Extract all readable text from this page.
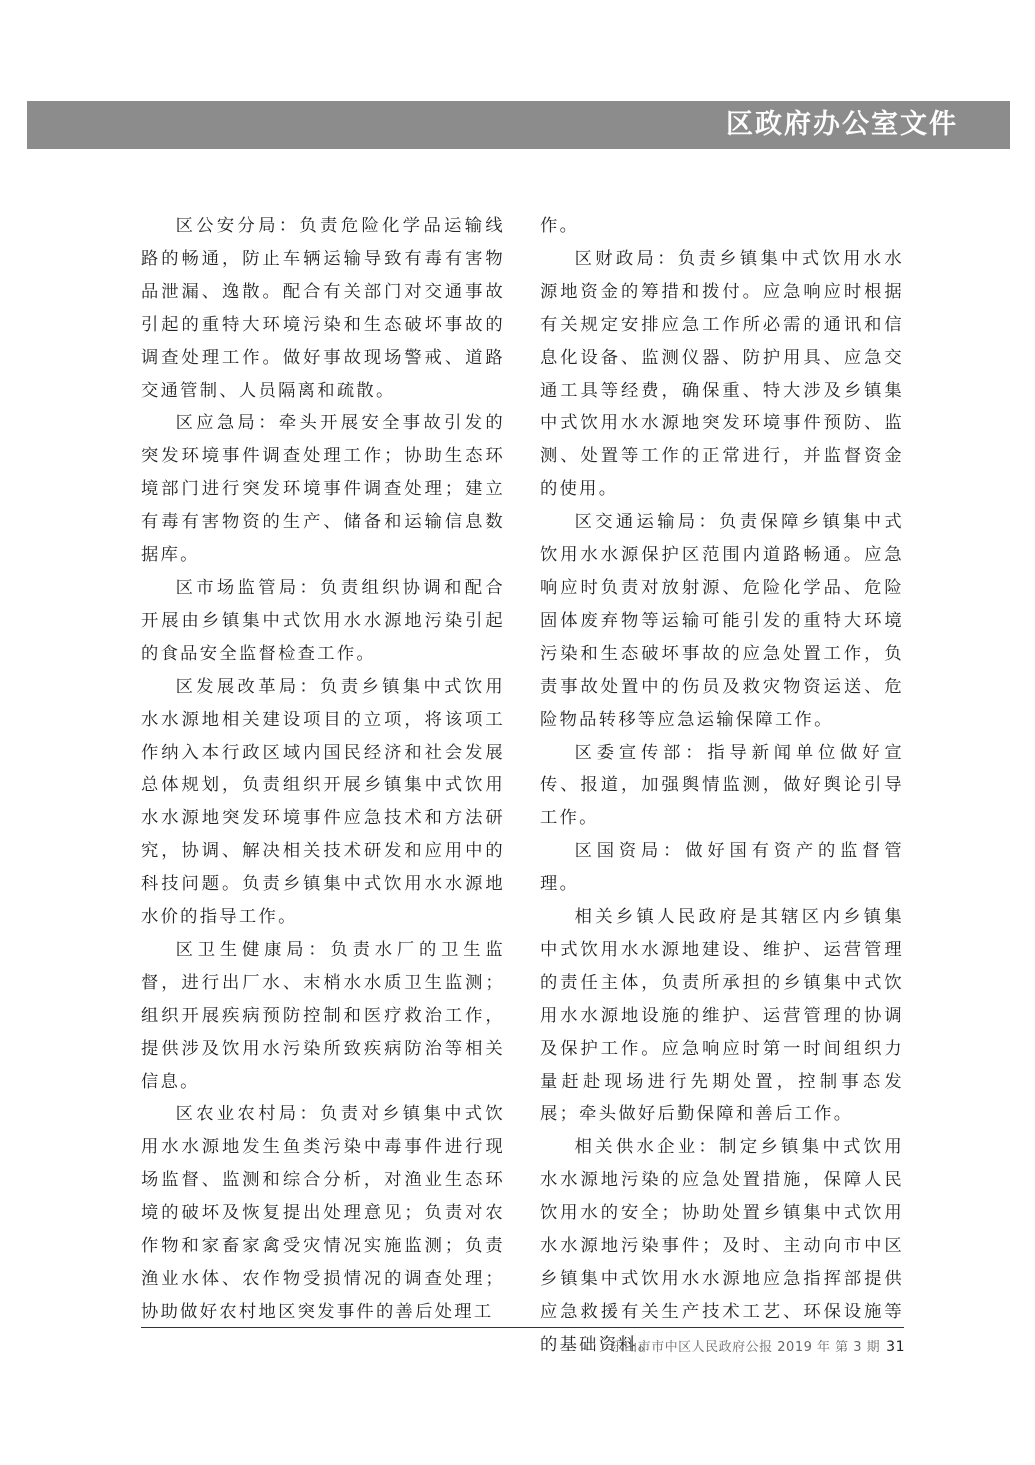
区政府办公室文件

区公安分局：负责危险化学品运输线路的畅通，防止车辆运输导致有毒有害物品泄漏、逸散。配合有关部门对交通事故引起的重特大环境污染和生态破坏事故的调查处理工作。做好事故现场警戒、道路交通管制、人员隔离和疏散。

区应急局：牵头开展安全事故引发的突发环境事件调查处理工作；协助生态环境部门进行突发环境事件调查处理；建立有毒有害物资的生产、储备和运输信息数据库。

区市场监管局：负责组织协调和配合开展由乡镇集中式饮用水水源地污染引起的食品安全监督检查工作。

区发展改革局：负责乡镇集中式饮用水水源地相关建设项目的立项，将该项工作纳入本行政区域内国民经济和社会发展总体规划，负责组织开展乡镇集中式饮用水水源地突发环境事件应急技术和方法研究，协调、解决相关技术研发和应用中的科技问题。负责乡镇集中式饮用水水源地水价的指导工作。

区卫生健康局：负责水厂的卫生监督，进行出厂水、末梢水水质卫生监测；组织开展疾病预防控制和医疗救治工作，提供涉及饮用水污染所致疾病防治等相关信息。

区农业农村局：负责对乡镇集中式饮用水水源地发生鱼类污染中毒事件进行现场监督、监测和综合分析，对渔业生态环境的破坏及恢复提出处理意见；负责对农作物和家畜家禽受灾情况实施监测；负责渔业水体、农作物受损情况的调查处理；协助做好农村地区突发事件的善后处理工

作。

区财政局：负责乡镇集中式饮用水水源地资金的筹措和拨付。应急响应时根据有关规定安排应急工作所必需的通讯和信息化设备、监测仪器、防护用具、应急交通工具等经费，确保重、特大涉及乡镇集中式饮用水水源地突发环境事件预防、监测、处置等工作的正常进行，并监督资金的使用。

区交通运输局：负责保障乡镇集中式饮用水水源保护区范围内道路畅通。应急响应时负责对放射源、危险化学品、危险固体废弃物等运输可能引发的重特大环境污染和生态破坏事故的应急处置工作，负责事故处置中的伤员及救灾物资运送、危险物品转移等应急运输保障工作。

区委宣传部：指导新闻单位做好宣传、报道，加强舆情监测，做好舆论引导工作。

区国资局：做好国有资产的监督管理。

相关乡镇人民政府是其辖区内乡镇集中式饮用水水源地建设、维护、运营管理的责任主体，负责所承担的乡镇集中式饮用水水源地设施的维护、运营管理的协调及保护工作。应急响应时第一时间组织力量赶赴现场进行先期处置，控制事态发展；牵头做好后勤保障和善后工作。

相关供水企业：制定乡镇集中式饮用水水源地污染的应急处置措施，保障人民饮用水的安全；协助处置乡镇集中式饮用水水源地污染事件；及时、主动向市中区乡镇集中式饮用水水源地应急指挥部提供应急救援有关生产技术工艺、环保设施等的基础资料。

乐山市市中区人民政府公报 2019 年 第 3 期 31
